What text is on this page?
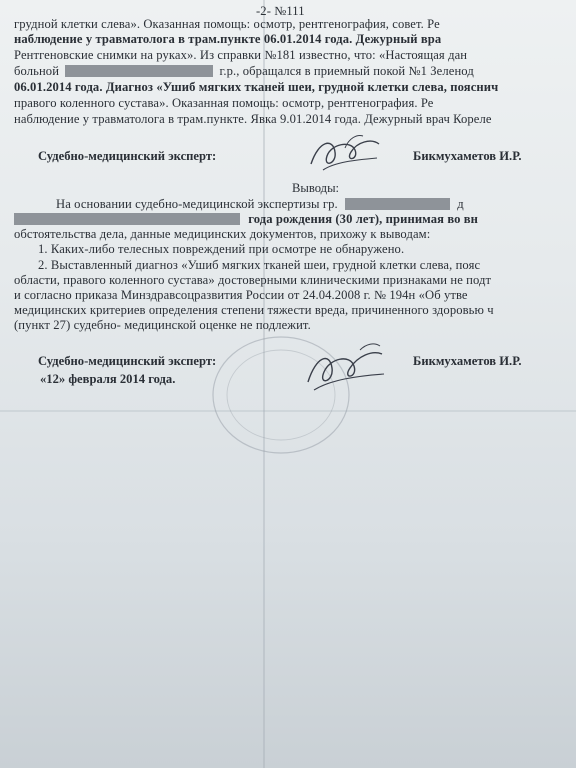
-2- №111
грудной клетки слева». Оказанная помощь: осмотр, рентгенография, совет. Ре
наблюдение у травматолога в трам.пункте 06.01.2014 года. Дежурный вра
Рентгеновские снимки на руках». Из справки №181 известно, что: «Настоящая дан
больной	г.р., обращался в приемный покой №1 Зеленод
06.01.2014 года. Диагноз «Ушиб мягких тканей шеи, грудной клетки слева, пояснич
правого коленного сустава». Оказанная помощь: осмотр, рентгенография. Ре
наблюдение у травматолога в трам.пункте. Явка 9.01.2014 года. Дежурный врач Кореле
Судебно-медицинский эксперт:	Бикмухаметов И.Р.
Выводы:
На основании судебно-медицинской экспертизы гр.	д
года рождения (30 лет), принимая во вн
обстоятельства дела, данные медицинских документов, прихожу к выводам:
1. Каких-либо телесных повреждений при осмотре не обнаружено.
2. Выставленный диагноз «Ушиб мягких тканей шеи, грудной клетки слева, пояс
области, правого коленного сустава» достоверными клиническими признаками не подт
и согласно приказа Минздравсоцразвития России от 24.04.2008 г. № 194н «Об утве
медицинских критериев определения степени тяжести вреда, причиненного здоровью ч
(пункт 27) судебно- медицинской оценке не подлежит.
Судебно-медицинский эксперт:	Бикмухаметов И.Р.
«12» февраля 2014 года.
